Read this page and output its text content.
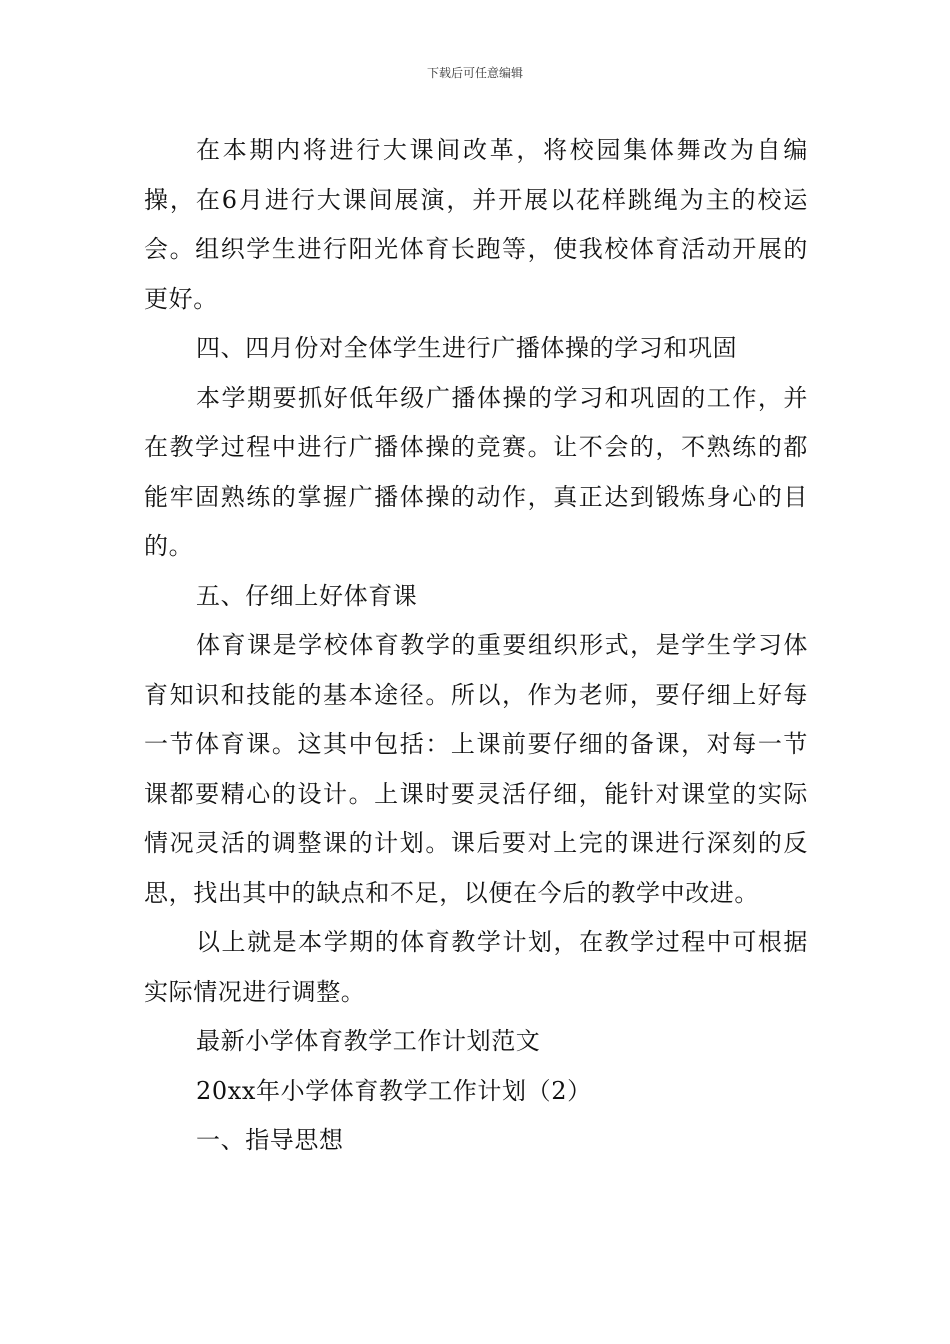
下载后可任意编辑

在本期内将进行大课间改革，将校园集体舞改为自编操，在6月进行大课间展演，并开展以花样跳绳为主的校运会。组织学生进行阳光体育长跑等，使我校体育活动开展的更好。

四、四月份对全体学生进行广播体操的学习和巩固

本学期要抓好低年级广播体操的学习和巩固的工作，并在教学过程中进行广播体操的竞赛。让不会的，不熟练的都能牢固熟练的掌握广播体操的动作，真正达到锻炼身心的目的。

五、仔细上好体育课

体育课是学校体育教学的重要组织形式，是学生学习体育知识和技能的基本途径。所以，作为老师，要仔细上好每一节体育课。这其中包括：上课前要仔细的备课，对每一节课都要精心的设计。上课时要灵活仔细，能针对课堂的实际情况灵活的调整课的计划。课后要对上完的课进行深刻的反思，找出其中的缺点和不足，以便在今后的教学中改进。

以上就是本学期的体育教学计划，在教学过程中可根据实际情况进行调整。

最新小学体育教学工作计划范文

20xx年小学体育教学工作计划（2）

一、指导思想
